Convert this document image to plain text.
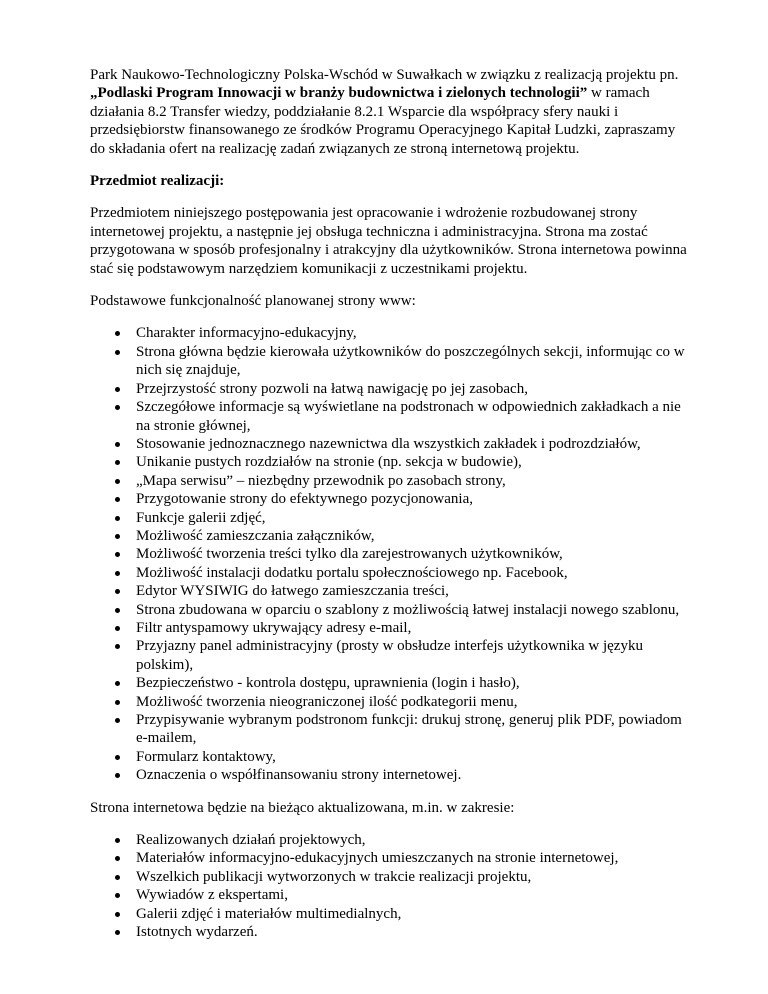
Park Naukowo-Technologiczny Polska-Wschód w Suwałkach w związku z realizacją projektu pn. „Podlaski Program Innowacji w branży budownictwa i zielonych technologii” w ramach działania 8.2 Transfer wiedzy, poddziałanie 8.2.1 Wsparcie dla współpracy sfery nauki i przedsiębiorstw finansowanego ze środków Programu Operacyjnego Kapitał Ludzki, zapraszamy do składania ofert na realizację zadań związanych ze stroną internetową projektu.

Przedmiot realizacji:

Przedmiotem niniejszego postępowania jest opracowanie i wdrożenie rozbudowanej strony internetowej projektu, a następnie jej obsługa techniczna i administracyjna. Strona ma zostać przygotowana w sposób profesjonalny i atrakcyjny dla użytkowników. Strona internetowa powinna stać się podstawowym narzędziem komunikacji z uczestnikami projektu.

Podstawowe funkcjonalność planowanej strony www:

Charakter informacyjno-edukacyjny,
Strona główna będzie kierowała użytkowników do poszczególnych sekcji, informując co w nich się znajduje,
Przejrzystość strony pozwoli na łatwą nawigację po jej zasobach,
Szczegółowe informacje są wyświetlane na podstronach w odpowiednich zakładkach a nie na stronie głównej,
Stosowanie jednoznacznego nazewnictwa dla wszystkich zakładek i podrozdziałów,
Unikanie pustych rozdziałów na stronie (np. sekcja w budowie),
„Mapa serwisu” – niezbędny przewodnik po zasobach strony,
Przygotowanie strony do efektywnego pozycjonowania,
Funkcje galerii zdjęć,
Możliwość zamieszczania załączników,
Możliwość tworzenia treści tylko dla zarejestrowanych użytkowników,
Możliwość instalacji dodatku portalu społecznościowego np. Facebook,
Edytor WYSIWIG do łatwego zamieszczania treści,
Strona zbudowana w oparciu o szablony z możliwością łatwej instalacji nowego szablonu,
Filtr antyspamowy ukrywający adresy e-mail,
Przyjazny panel administracyjny (prosty w obsłudze interfejs użytkownika w języku polskim),
Bezpieczeństwo - kontrola dostępu, uprawnienia (login i hasło),
Możliwość tworzenia nieograniczonej ilość podkategorii menu,
Przypisywanie wybranym podstronom funkcji: drukuj stronę, generuj plik PDF, powiadom e-mailem,
Formularz kontaktowy,
Oznaczenia o współfinansowaniu strony internetowej.

Strona internetowa będzie na bieżąco aktualizowana, m.in. w zakresie:

Realizowanych działań projektowych,
Materiałów informacyjno-edukacyjnych umieszczanych na stronie internetowej,
Wszelkich publikacji wytworzonych w trakcie realizacji projektu,
Wywiadów z ekspertami,
Galerii zdjęć i materiałów multimedialnych,
Istotnych wydarzeń.
